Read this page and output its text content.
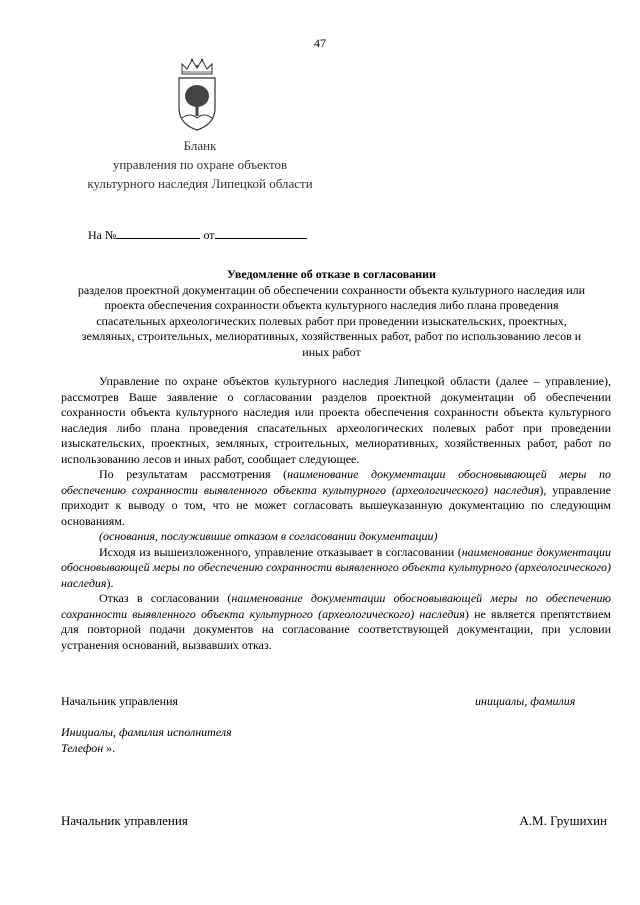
47
Бланк
управления по охране объектов
культурного наследия Липецкой области
На №	от
Уведомление об отказе в согласовании
разделов проектной документации об обеспечении сохранности объекта культурного наследия или
проекта обеспечения сохранности объекта культурного наследия либо плана проведения
спасательных археологических полевых работ при проведении изыскательских, проектных,
земляных, строительных, мелиоративных, хозяйственных работ, работ по использованию лесов и
иных работ

Управление по охране объектов культурного наследия Липецкой области (далее – управление), рассмотрев Ваше заявление о согласовании разделов проектной документации об обеспечении сохранности объекта культурного наследия или проекта обеспечения сохранности объекта культурного наследия либо плана проведения спасательных археологических полевых работ при проведении изыскательских, проектных, земляных, строительных, мелиоративных, хозяйственных работ, работ по использованию лесов и иных работ, сообщает следующее.

По результатам рассмотрения (наименование документации обосновывающей меры по обеспечению сохранности выявленного объекта культурного (археологического) наследия), управление приходит к выводу о том, что не может согласовать вышеуказанную документацию по следующим основаниям.

(основания, послужившие отказом в согласовании документации)

Исходя из вышеизложенного, управление отказывает в согласовании (наименование документации обосновывающей меры по обеспечению сохранности выявленного объекта культурного (археологического) наследия).

Отказ в согласовании (наименование документации обосновывающей меры по обеспечению сохранности выявленного объекта культурного (археологического) наследия) не является препятствием для повторной подачи документов на согласование соответствующей документации, при условии устранения оснований, вызвавших отказ.

Начальник управления	инициалы, фамилия
Инициалы, фамилия исполнителя
Телефон ».
Начальник управления	А.М. Грушихин
